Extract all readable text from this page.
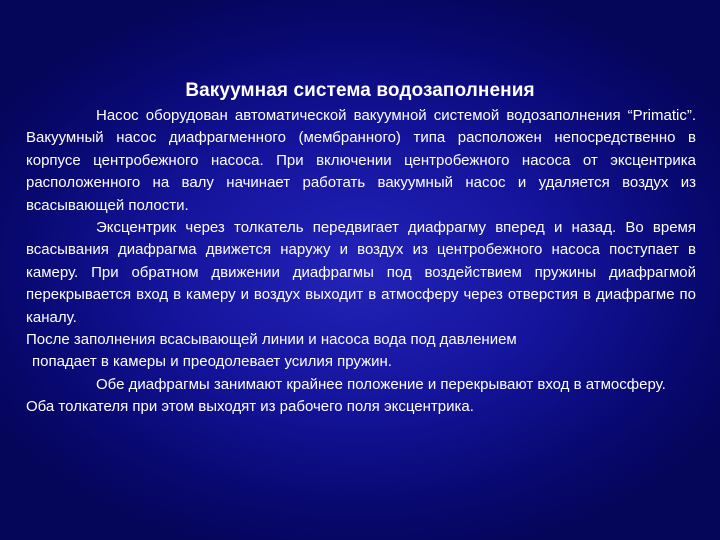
Вакуумная система водозаполнения

Насос оборудован автоматической вакуумной системой водозаполнения “Primatic”. Вакуумный насос диафрагменного (мембранного) типа расположен непосредственно в корпусе центробежного насоса. При включении центробежного насоса от эксцентрика расположенного на валу начинает работать вакуумный насос и удаляется воздух из всасывающей полости.

Эксцентрик через толкатель передвигает диафрагму вперед и назад. Во время всасывания диафрагма движется наружу и воздух из центробежного насоса поступает в камеру. При обратном движении диафрагмы под воздействием пружины диафрагмой перекрывается вход в камеру и воздух выходит в атмосферу через отверстия в диафрагме по каналу.

После заполнения всасывающей линии и насоса вода под давлением

попадает в камеры и преодолевает усилия пружин.

Обе диафрагмы занимают крайнее положение и перекрывают вход в атмосферу. Оба толкателя при этом выходят из рабочего поля эксцентрика.
